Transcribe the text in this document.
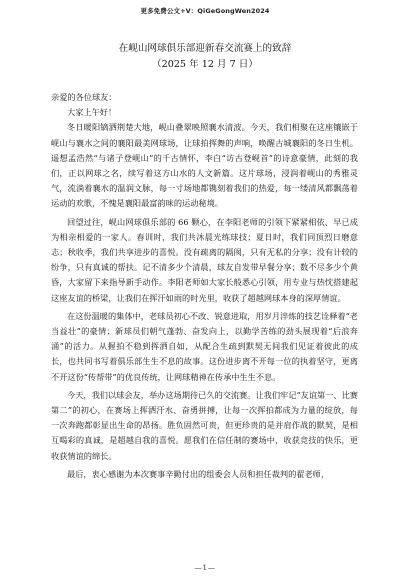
更多免费公文+V：QiGeGongWen2024
在岘山网球俱乐部迎新春交流赛上的致辞
（2025 年 12 月 7 日）

亲爱的各位球友：

大家上午好！

冬日暖阳镝洒荆楚大地，岘山叠翠映照襄水清波。今天，我们相聚在这座镶嵌于岘山与襄水之间的襄阳最美网球场，让球拍挥舞的声响，唤醒古城襄阳的冬日生机。遥想孟浩然“与诸子登岘山”的千古情怀，李白“访古登岘首”的诗意豪情，此刻的我们，正以网球之名，续写着这方山水的人文新篇。这片球场，浸润着岘山的秀雅灵气，流淌着襄水的温润文脉，每一寸场地都镌刻着我们的热爱，每一缕清风都飘荡着运动的欢歌，不愧是襄阳最富韵味的运动秘境。

回望过往，岘山网球俱乐部的 66 颗心，在李阳老师的引领下紧紧相依、早已成为相亲相爱的一家人。春训时，我们共沐晨光练球技；夏日时，我们同顶烈日磨意志；秋收季，我们共享进步的喜悦。没有疏离的隔阂，只有无私的分享；没有计较的纷争，只有真诚的帮扶。记不清多少个清晨，球友自发带早餐分享；数不尽多少个黄昏，大家留下来指导新手动作。李阳老师如大家长般悉心引领，用专业与热忱搭建起这座友谊的桥梁，让我们在挥汗如雨的时光里，收获了超越网球本身的深厚情谊。

在这份温暖的集体中，老球员初心不改、锐意进取，用岁月淬炼的技艺诠释着“老当益壮”的豪情；新球员们朝气蓬勃、奋发向上，以勤学苦练的劲头展现着“后浪奔涌”的活力。从握拍不稳到挥洒自如，从配合生疏到默契无间我们见证着彼此的成长，也共同书写着俱乐部生生不息的故事。这份进步离不开每一位的执着坚守，更离不开这份“传帮带”的优良传统，让网球精神在传承中生生不息。

今天，我们以球会友，举办这场期待已久的交流赛。让我们牢记“友谊第一、比赛第二”的初心，在赛场上挥洒汗水、奋勇拼搏，让每一次挥拍都成为力量的绽放，每一次奔跑都彰显出生命的昂扬。胜负固然可贵，但更珍贵的是并肩作战的默契，是相互喝彩的真诚，是超越自我的喜悦。愿我们在信任制的赛场中，收获竞技的快乐，更收获情谊的绵长。

最后，衷心感谢为本次赛事辛勤付出的组委会人员和担任裁判的翟老师，

—1—
